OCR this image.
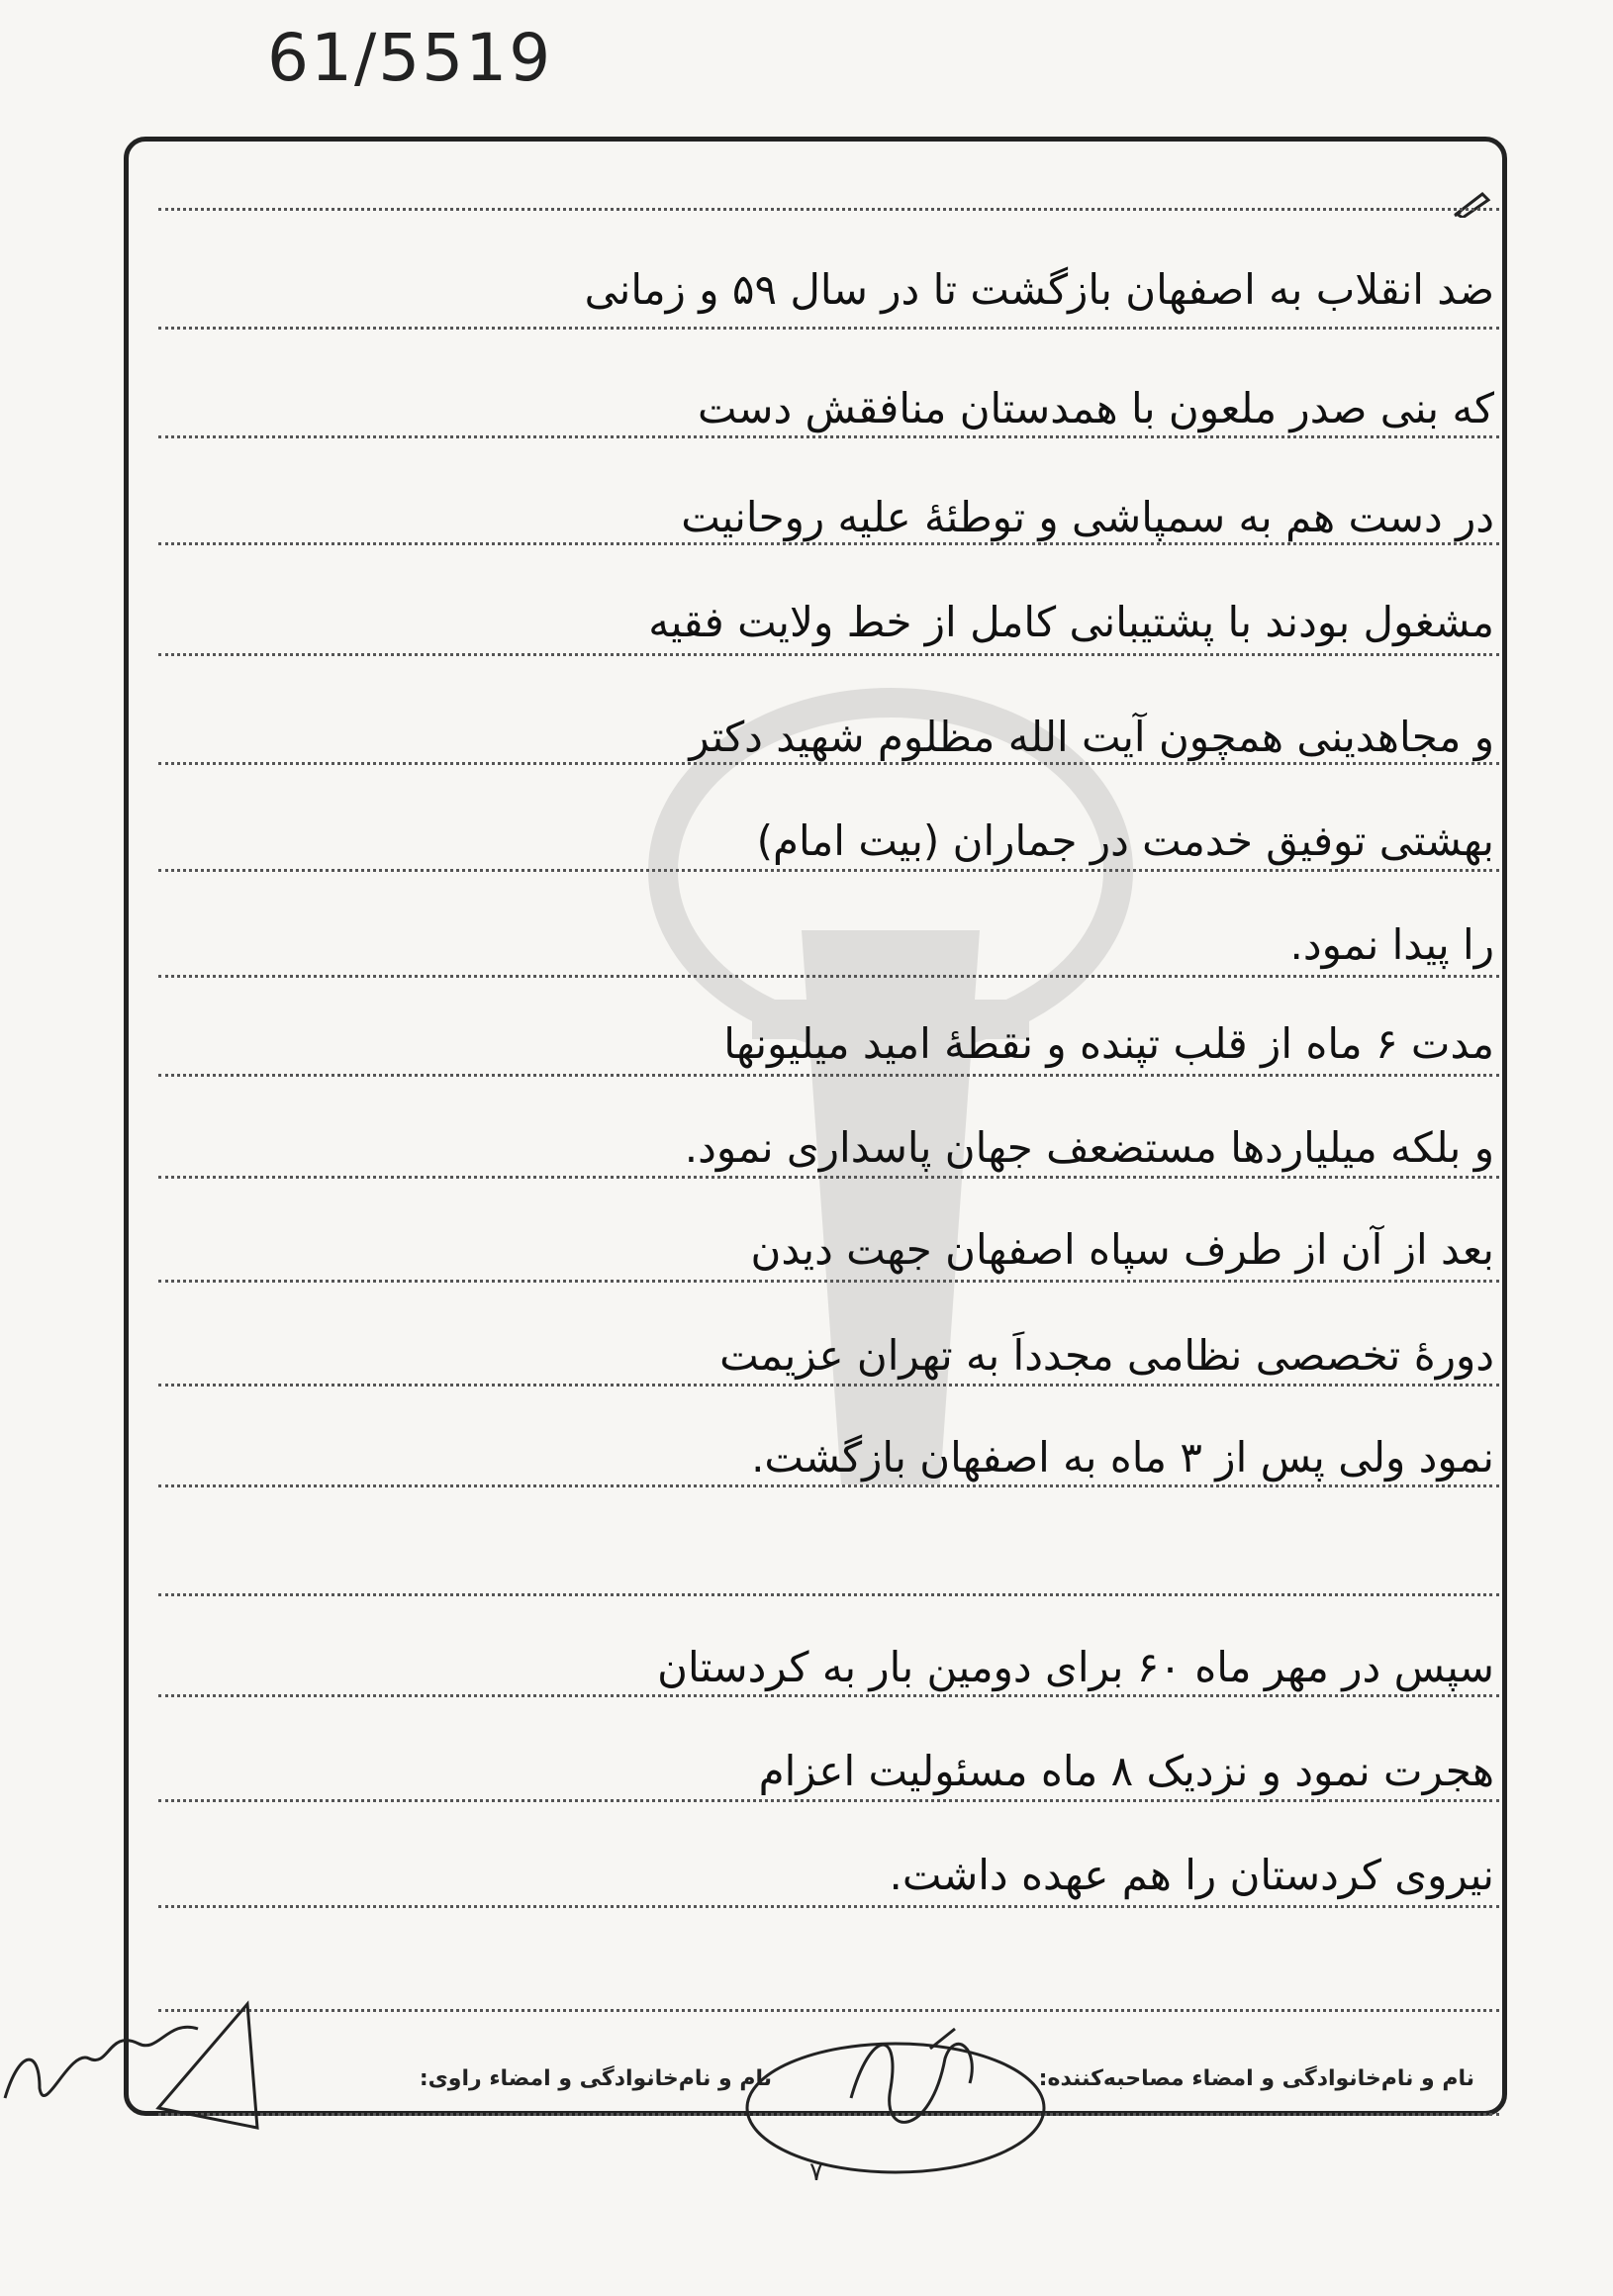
61/5519
ضد انقلاب به اصفهان بازگشت تا در سال ۵۹ و زمانی
که بنی صدر ملعون با همدستان منافقش دست
در دست هم به سمپاشی و توطئهٔ علیه روحانیت
مشغول بودند با پشتیبانی کامل از خط ولایت فقیه
و مجاهدینی همچون آیت الله مظلوم شهید دکتر
بهشتی توفیق خدمت در جماران (بیت امام)
را پیدا نمود.
مدت ۶ ماه از قلب تپنده و نقطهٔ امید میلیونها
و بلکه میلیاردها مستضعف جهان پاسداری نمود.
بعد از آن از طرف سپاه اصفهان جهت دیدن
دورهٔ تخصصی نظامی مجدداً به تهران عزیمت
نمود ولی پس از ۳ ماه به اصفهان بازگشت.
سپس در مهر ماه ۶۰ برای دومین بار به کردستان
هجرت نمود و نزدیک ۸ ماه مسئولیت اعزام
نیروی کردستان را هم عهده داشت.
نام و نام‌خانوادگی و امضاء مصاحبه‌کننده:
نام و نام‌خانوادگی و امضاء راوی:
۷
